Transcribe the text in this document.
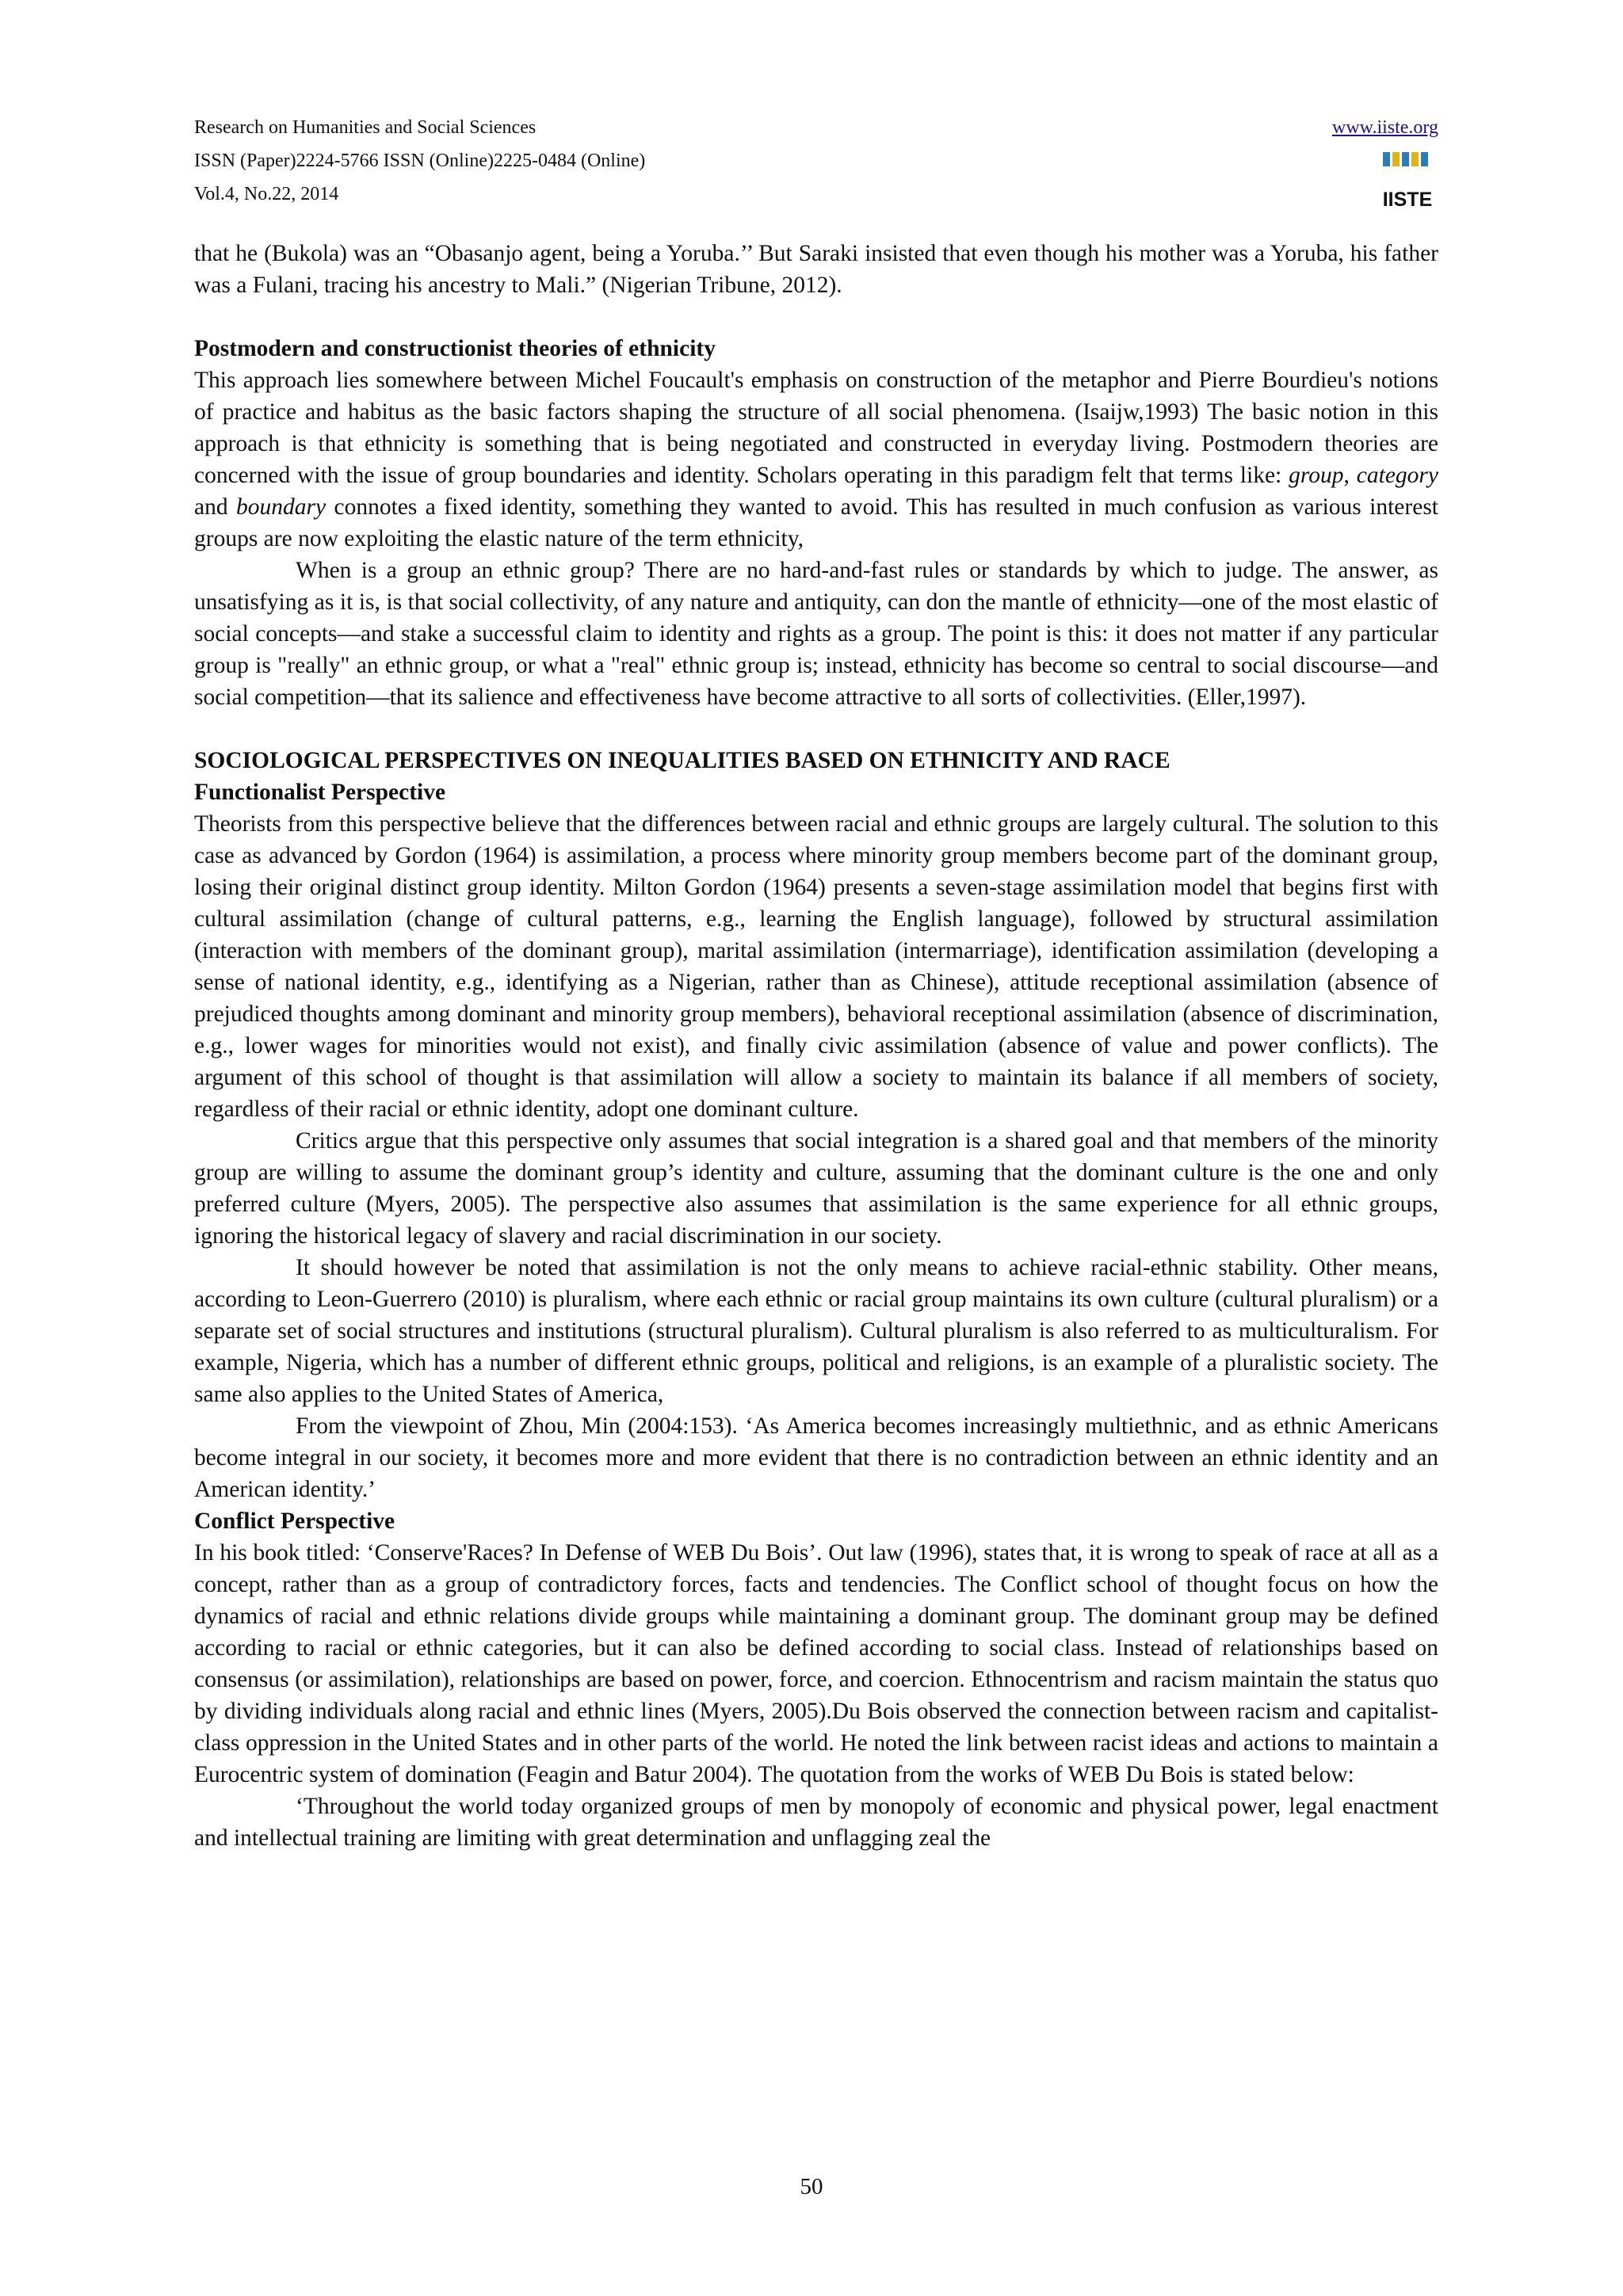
Research on Humanities and Social Sciences
ISSN (Paper)2224-5766 ISSN (Online)2225-0484 (Online)
Vol.4, No.22, 2014
www.iiste.org
IISTE

that he (Bukola) was an “Obasanjo agent, being a Yoruba.’’ But Saraki insisted that even though his mother was a Yoruba, his father was a Fulani, tracing his ancestry to Mali.” (Nigerian Tribune, 2012).

Postmodern and constructionist theories of ethnicity

This approach lies somewhere between Michel Foucault's emphasis on construction of the metaphor and Pierre Bourdieu's notions of practice and habitus as the basic factors shaping the structure of all social phenomena. (Isaijw,1993) The basic notion in this approach is that ethnicity is something that is being negotiated and constructed in everyday living. Postmodern theories are concerned with the issue of group boundaries and identity. Scholars operating in this paradigm felt that terms like: group, category and boundary connotes a fixed identity, something they wanted to avoid. This has resulted in much confusion as various interest groups are now exploiting the elastic nature of the term ethnicity,

When is a group an ethnic group? There are no hard-and-fast rules or standards by which to judge. The answer, as unsatisfying as it is, is that social collectivity, of any nature and antiquity, can don the mantle of ethnicity—one of the most elastic of social concepts—and stake a successful claim to identity and rights as a group. The point is this: it does not matter if any particular group is "really" an ethnic group, or what a "real" ethnic group is; instead, ethnicity has become so central to social discourse—and social competition—that its salience and effectiveness have become attractive to all sorts of collectivities. (Eller,1997).

SOCIOLOGICAL PERSPECTIVES ON INEQUALITIES BASED ON ETHNICITY AND RACE

Functionalist Perspective

Theorists from this perspective believe that the differences between racial and ethnic groups are largely cultural. The solution to this case as advanced by Gordon (1964) is assimilation, a process where minority group members become part of the dominant group, losing their original distinct group identity. Milton Gordon (1964) presents a seven-stage assimilation model that begins first with cultural assimilation (change of cultural patterns, e.g., learning the English language), followed by structural assimilation (interaction with members of the dominant group), marital assimilation (intermarriage), identification assimilation (developing a sense of national identity, e.g., identifying as a Nigerian, rather than as Chinese), attitude receptional assimilation (absence of prejudiced thoughts among dominant and minority group members), behavioral receptional assimilation (absence of discrimination, e.g., lower wages for minorities would not exist), and finally civic assimilation (absence of value and power conflicts). The argument of this school of thought is that assimilation will allow a society to maintain its balance if all members of society, regardless of their racial or ethnic identity, adopt one dominant culture.

Critics argue that this perspective only assumes that social integration is a shared goal and that members of the minority group are willing to assume the dominant group’s identity and culture, assuming that the dominant culture is the one and only preferred culture (Myers, 2005). The perspective also assumes that assimilation is the same experience for all ethnic groups, ignoring the historical legacy of slavery and racial discrimination in our society.

It should however be noted that assimilation is not the only means to achieve racial-ethnic stability. Other means, according to Leon-Guerrero (2010) is pluralism, where each ethnic or racial group maintains its own culture (cultural pluralism) or a separate set of social structures and institutions (structural pluralism). Cultural pluralism is also referred to as multiculturalism. For example, Nigeria, which has a number of different ethnic groups, political and religions, is an example of a pluralistic society. The same also applies to the United States of America,

From the viewpoint of Zhou, Min (2004:153). ‘As America becomes increasingly multiethnic, and as ethnic Americans become integral in our society, it becomes more and more evident that there is no contradiction between an ethnic identity and an American identity.’

Conflict Perspective

In his book titled: ‘Conserve'Races? In Defense of WEB Du Bois’. Out law (1996), states that, it is wrong to speak of race at all as a concept, rather than as a group of contradictory forces, facts and tendencies. The Conflict school of thought focus on how the dynamics of racial and ethnic relations divide groups while maintaining a dominant group. The dominant group may be defined according to racial or ethnic categories, but it can also be defined according to social class. Instead of relationships based on consensus (or assimilation), relationships are based on power, force, and coercion. Ethnocentrism and racism maintain the status quo by dividing individuals along racial and ethnic lines (Myers, 2005).Du Bois observed the connection between racism and capitalist-class oppression in the United States and in other parts of the world. He noted the link between racist ideas and actions to maintain a Eurocentric system of domination (Feagin and Batur 2004). The quotation from the works of WEB Du Bois is stated below:

‘Throughout the world today organized groups of men by monopoly of economic and physical power, legal enactment and intellectual training are limiting with great determination and unflagging zeal the

50
